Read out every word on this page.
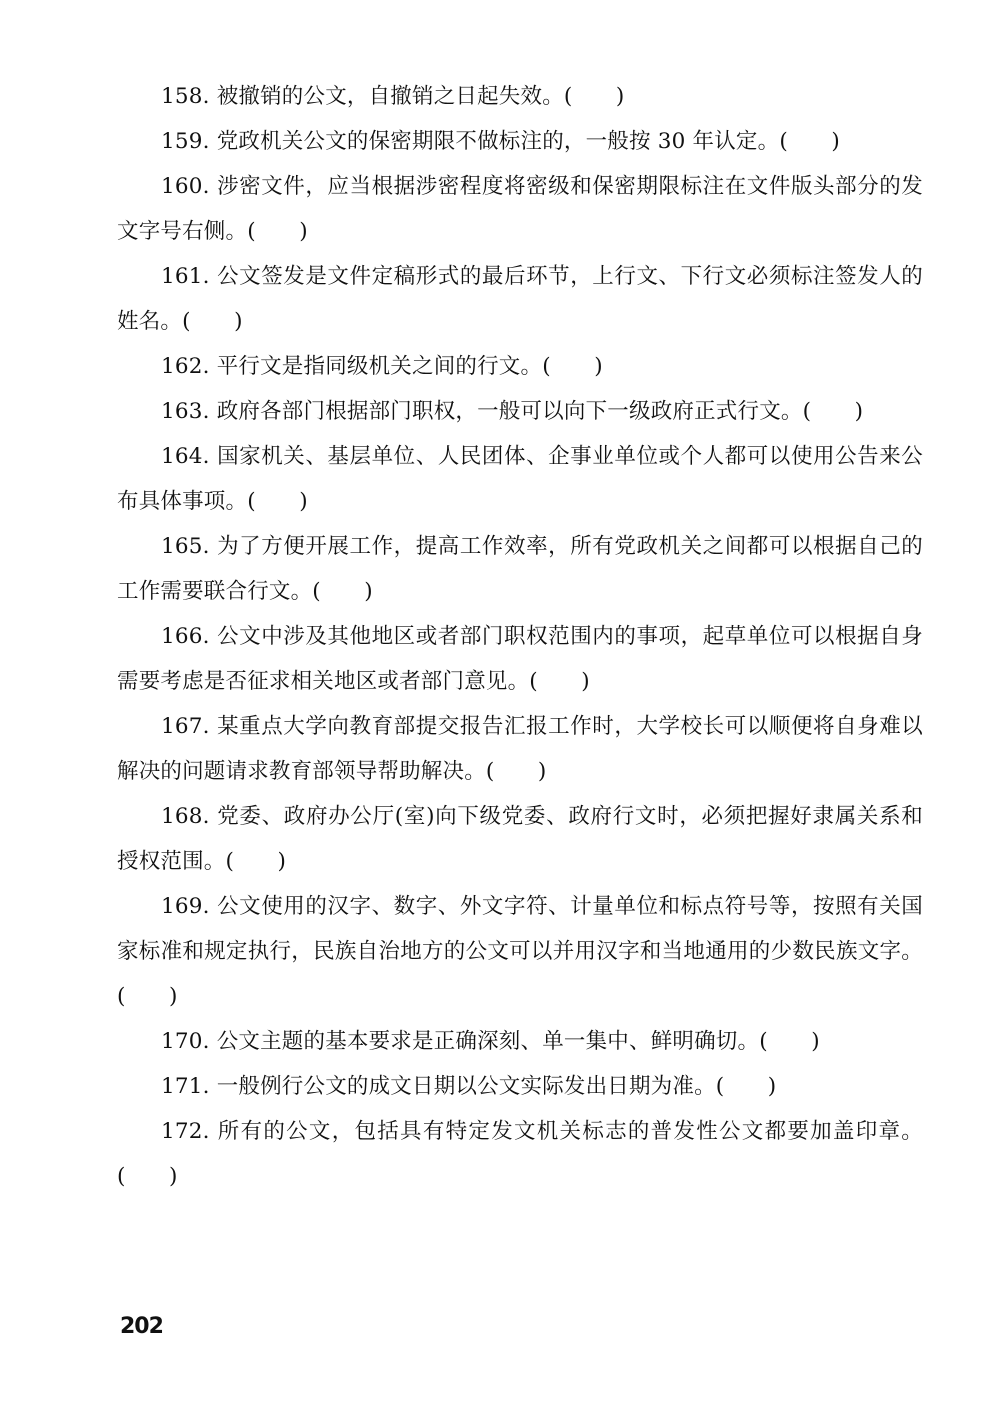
158. 被撤销的公文，自撤销之日起失效。(  )

159. 党政机关公文的保密期限不做标注的，一般按 30 年认定。(  )

160. 涉密文件，应当根据涉密程度将密级和保密期限标注在文件版头部分的发文字号右侧。(  )

161. 公文签发是文件定稿形式的最后环节，上行文、下行文必须标注签发人的姓名。(  )

162. 平行文是指同级机关之间的行文。(  )

163. 政府各部门根据部门职权，一般可以向下一级政府正式行文。(  )

164. 国家机关、基层单位、人民团体、企事业单位或个人都可以使用公告来公布具体事项。(  )

165. 为了方便开展工作，提高工作效率，所有党政机关之间都可以根据自己的工作需要联合行文。(  )

166. 公文中涉及其他地区或者部门职权范围内的事项，起草单位可以根据自身需要考虑是否征求相关地区或者部门意见。(  )

167. 某重点大学向教育部提交报告汇报工作时，大学校长可以顺便将自身难以解决的问题请求教育部领导帮助解决。(  )

168. 党委、政府办公厅(室)向下级党委、政府行文时，必须把握好隶属关系和授权范围。(  )

169. 公文使用的汉字、数字、外文字符、计量单位和标点符号等，按照有关国家标准和规定执行，民族自治地方的公文可以并用汉字和当地通用的少数民族文字。(  )

170. 公文主题的基本要求是正确深刻、单一集中、鲜明确切。(  )

171. 一般例行公文的成文日期以公文实际发出日期为准。(  )

172. 所有的公文，包括具有特定发文机关标志的普发性公文都要加盖印章。(  )

202
